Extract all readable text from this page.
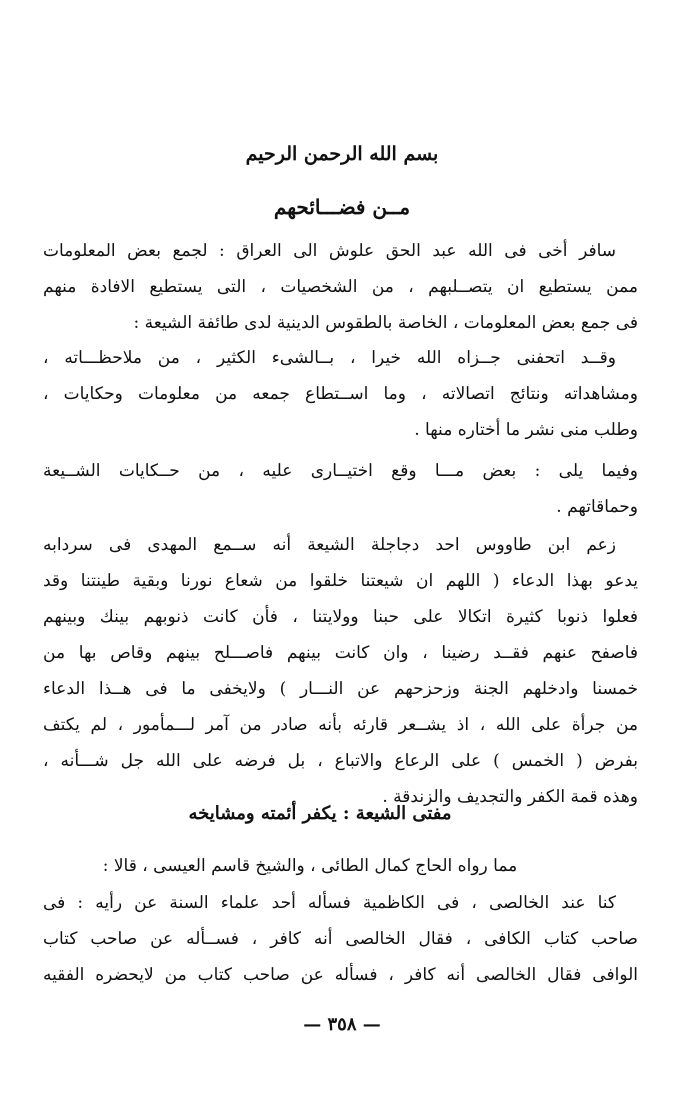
بسم الله الرحمن الرحيم
مــن فضـــائحهم
سافر أخى فى الله عبد الحق علوش الى العراق : لجمع بعض المعلومات
ممن يستطيع ان يتصــلبهم ، من الشخصيات ، التى يستطيع الافادة منهم
فى جمع بعض المعلومات ، الخاصة بالطقوس الدينية لدى طائفة الشيعة :
وقــد اتحفنى جــزاه الله خيرا ، بــالشىء الكثير ، من ملاحظـــاته ،
ومشاهداته ونتائج اتصالاته ، وما اســتطاع جمعه من معلومات وحكايات ،
وطلب منى نشر ما أختاره منها .
وفيما يلى : بعض مـــا وقع اختيــارى عليه ، من حــكايات الشــيعة
وحماقاتهم .
زعم ابن طاووس احد دجاجلة الشيعة أنه ســمع المهدى فى سردابه
يدعو بهذا الدعاء ( اللهم ان شيعتنا خلقوا من شعاع نورنا وبقية طينتنا وقد
فعلوا ذنوبا كثيرة اتكالا على حبنا وولايتنا ، فأن كانت ذنوبهم بينك وبينهم
فاصفح عنهم فقــد رضينا ، وان كانت بينهم فاصـــلح بينهم وقاص بها من
خمسنا وادخلهم الجنة وزحزحهم عن النـــار ) ولايخفى ما فى هــذا الدعاء
من جرأة على الله ، اذ يشــعر قارئه بأنه صادر من آمر لـــمأمور ، لم يكتف
بفرض ( الخمس ) على الرعاع والاتباع ، بل فرضه على الله جل شـــأنه ،
وهذه قمة الكفر والتجديف والزندقة .
مفتى الشيعة : يكفر أئمته ومشايخه
مما رواه الحاج كمال الطائى ، والشيخ قاسم العيسى ، قالا :
كنا عند الخالصى ، فى الكاظمية فسأله أحد علماء السنة عن رأيه : فى
صاحب كتاب الكافى ، فقال الخالصى أنه كافر ، فســأله عن صاحب كتاب
الوافى فقال الخالصى أنه كافر ، فسأله عن صاحب كتاب من لايحضره الفقيه
— ٣٥٨ —
